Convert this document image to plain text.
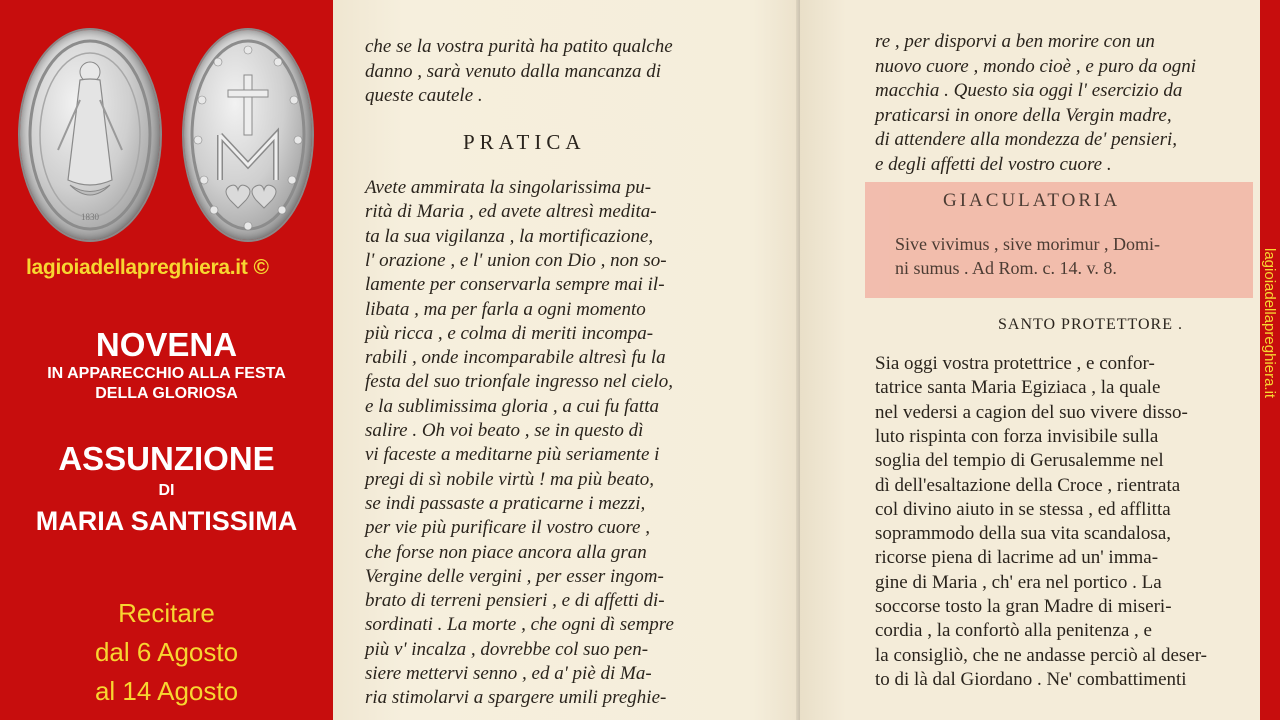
1830
lagioiadellapreghiera.it ©
NOVENA
IN APPARECCHIO ALLA FESTA
DELLA GLORIOSA
ASSUNZIONE
DI
MARIA SANTISSIMA
Recitare
dal 6 Agosto
al 14 Agosto
che se la vostra purità ha patito qualche
danno , sarà venuto dalla mancanza di
queste cautele .
PRATICA
Avete ammirata la singolarissima pu-
rità di Maria , ed avete altresì medita-
ta la sua vigilanza , la mortificazione,
l' orazione , e l' union con Dio , non so-
lamente per conservarla sempre mai il-
libata , ma per farla a ogni momento
più ricca , e colma di meriti incompa-
rabili , onde incomparabile altresì fu la
festa del suo trionfale ingresso nel cielo,
e la sublimissima gloria , a cui fu fatta
salire . Oh voi beato , se in questo dì
vi faceste a meditarne più seriamente i
pregi di sì nobile virtù ! ma più beato,
se indi passaste a praticarne i mezzi,
per vie più purificare il vostro cuore ,
che forse non piace ancora alla gran
Vergine delle vergini , per esser ingom-
brato di terreni pensieri , e di affetti di-
sordinati . La morte , che ogni dì sempre
più v' incalza , dovrebbe col suo pen-
siere mettervi senno , ed a' piè di Ma-
ria stimolarvi a spargere umili preghie-
re , per disporvi a ben morire con un
nuovo cuore , mondo cioè , e puro da ogni
macchia . Questo sia oggi l' esercizio da
praticarsi in onore della Vergin madre,
di attendere alla mondezza de' pensieri,
e degli affetti del vostro cuore .
Sia oggi vostra protettrice , e confor-
tatrice santa Maria Egiziaca , la quale
nel vedersi a cagion del suo vivere disso-
luto rispinta con forza invisibile sulla
soglia del tempio di Gerusalemme nel
dì dell'esaltazione della Croce , rientrata
col divino aiuto in se stessa , ed afflitta
soprammodo della sua vita scandalosa,
ricorse piena di lacrime ad un' imma-
gine di Maria , ch' era nel portico . La
soccorse tosto la gran Madre di miseri-
cordia , la confortò alla penitenza , e
la consigliò, che ne andasse perciò al deser-
to di là dal Giordano . Ne' combattimenti
GIACULATORIA
Sive vivimus , sive morimur , Domi-
ni sumus . Ad Rom. c. 14. v. 8.
SANTO PROTETTORE .	lagioiadellapreghiera.it
